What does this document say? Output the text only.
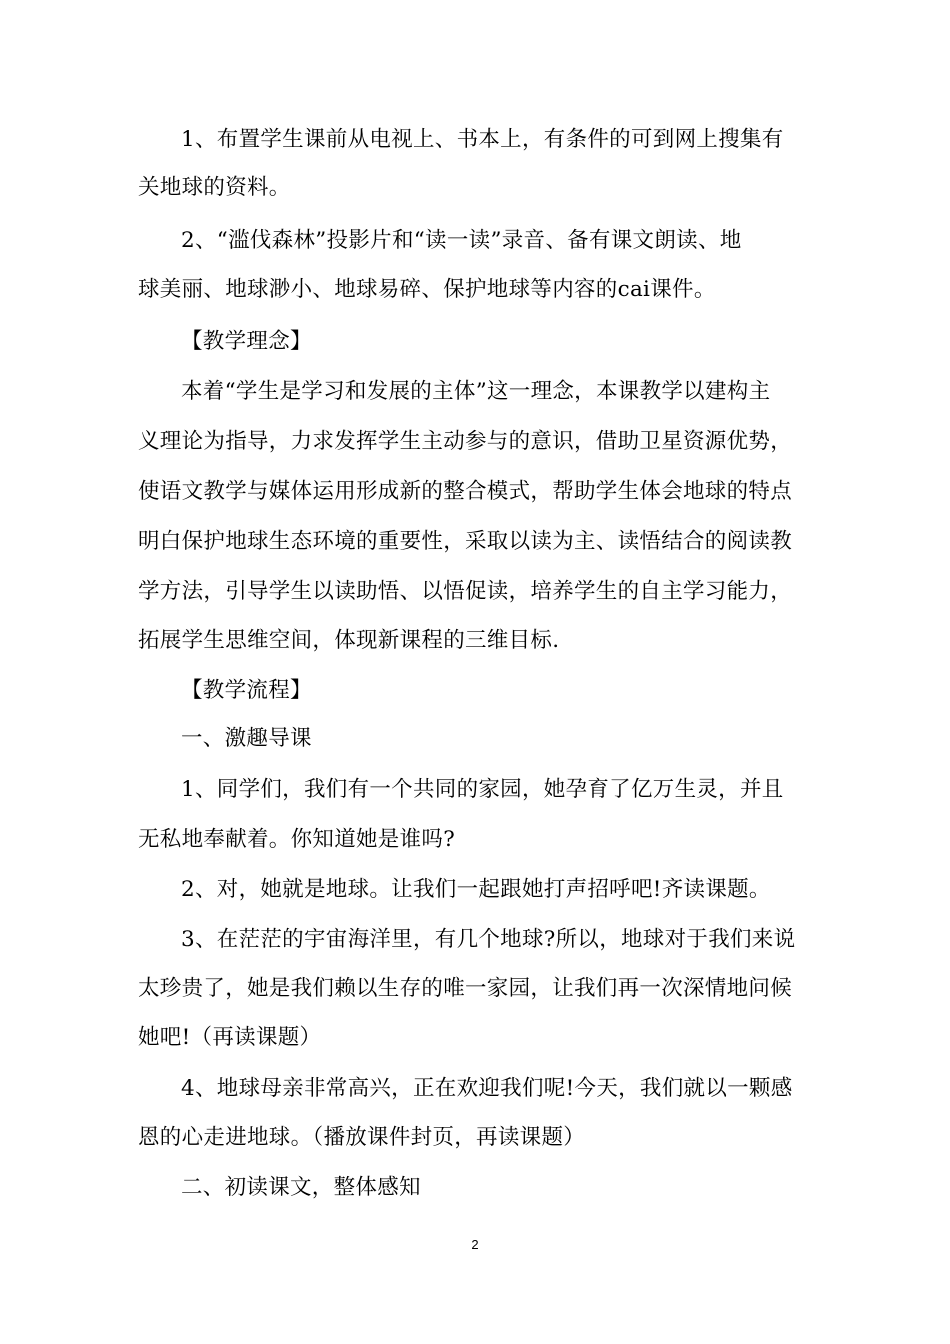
1、布置学生课前从电视上、书本上，有条件的可到网上搜集有
关地球的资料。
2、“滥伐森林”投影片和“读一读”录音、备有课文朗读、地
球美丽、地球渺小、地球易碎、保护地球等内容的cai课件。
【教学理念】
本着“学生是学习和发展的主体”这一理念，本课教学以建构主
义理论为指导，力求发挥学生主动参与的意识，借助卫星资源优势，
使语文教学与媒体运用形成新的整合模式，帮助学生体会地球的特点
明白保护地球生态环境的重要性，采取以读为主、读悟结合的阅读教
学方法，引导学生以读助悟、以悟促读，培养学生的自主学习能力，
拓展学生思维空间，体现新课程的三维目标.
【教学流程】
一、激趣导课
1、同学们，我们有一个共同的家园，她孕育了亿万生灵，并且
无私地奉献着。你知道她是谁吗?
2、对，她就是地球。让我们一起跟她打声招呼吧!齐读课题。
3、在茫茫的宇宙海洋里，有几个地球?所以，地球对于我们来说
太珍贵了，她是我们赖以生存的唯一家园，让我们再一次深情地问候
她吧!（再读课题）
4、地球母亲非常高兴，正在欢迎我们呢!今天，我们就以一颗感
恩的心走进地球。（播放课件封页，再读课题）
二、初读课文，整体感知
2
